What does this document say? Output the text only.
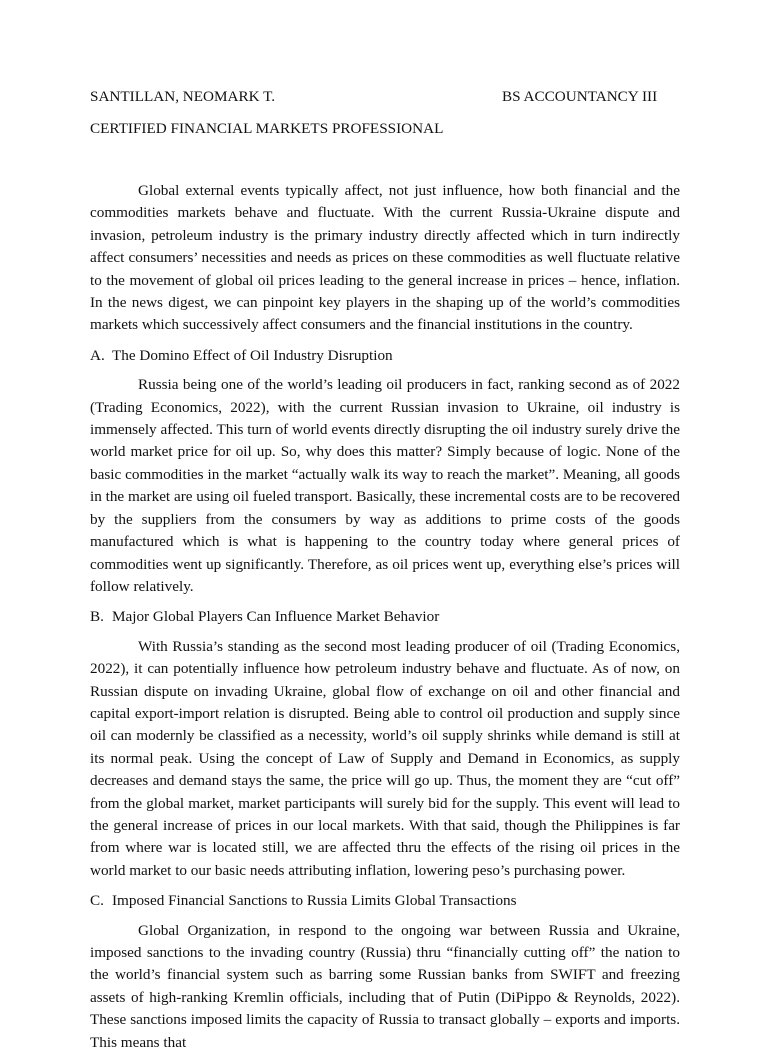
SANTILLAN, NEOMARK T.	BS ACCOUNTANCY III
CERTIFIED FINANCIAL MARKETS PROFESSIONAL

Global external events typically affect, not just influence, how both financial and the commodities markets behave and fluctuate. With the current Russia-Ukraine dispute and invasion, petroleum industry is the primary industry directly affected which in turn indirectly affect consumers’ necessities and needs as prices on these commodities as well fluctuate relative to the movement of global oil prices leading to the general increase in prices – hence, inflation. In the news digest, we can pinpoint key players in the shaping up of the world’s commodities markets which successively affect consumers and the financial institutions in the country.

A. The Domino Effect of Oil Industry Disruption

Russia being one of the world’s leading oil producers in fact, ranking second as of 2022 (Trading Economics, 2022), with the current Russian invasion to Ukraine, oil industry is immensely affected. This turn of world events directly disrupting the oil industry surely drive the world market price for oil up. So, why does this matter? Simply because of logic. None of the basic commodities in the market “actually walk its way to reach the market”. Meaning, all goods in the market are using oil fueled transport. Basically, these incremental costs are to be recovered by the suppliers from the consumers by way as additions to prime costs of the goods manufactured which is what is happening to the country today where general prices of commodities went up significantly. Therefore, as oil prices went up, everything else’s prices will follow relatively.

B. Major Global Players Can Influence Market Behavior

With Russia’s standing as the second most leading producer of oil (Trading Economics, 2022), it can potentially influence how petroleum industry behave and fluctuate. As of now, on Russian dispute on invading Ukraine, global flow of exchange on oil and other financial and capital export-import relation is disrupted. Being able to control oil production and supply since oil can modernly be classified as a necessity, world’s oil supply shrinks while demand is still at its normal peak. Using the concept of Law of Supply and Demand in Economics, as supply decreases and demand stays the same, the price will go up. Thus, the moment they are “cut off” from the global market, market participants will surely bid for the supply. This event will lead to the general increase of prices in our local markets. With that said, though the Philippines is far from where war is located still, we are affected thru the effects of the rising oil prices in the world market to our basic needs attributing inflation, lowering peso’s purchasing power.

C. Imposed Financial Sanctions to Russia Limits Global Transactions

Global Organization, in respond to the ongoing war between Russia and Ukraine, imposed sanctions to the invading country (Russia) thru “financially cutting off” the nation to the world’s financial system such as barring some Russian banks from SWIFT and freezing assets of high-ranking Kremlin officials, including that of Putin (DiPippo & Reynolds, 2022). These sanctions imposed limits the capacity of Russia to transact globally – exports and imports. This means that
